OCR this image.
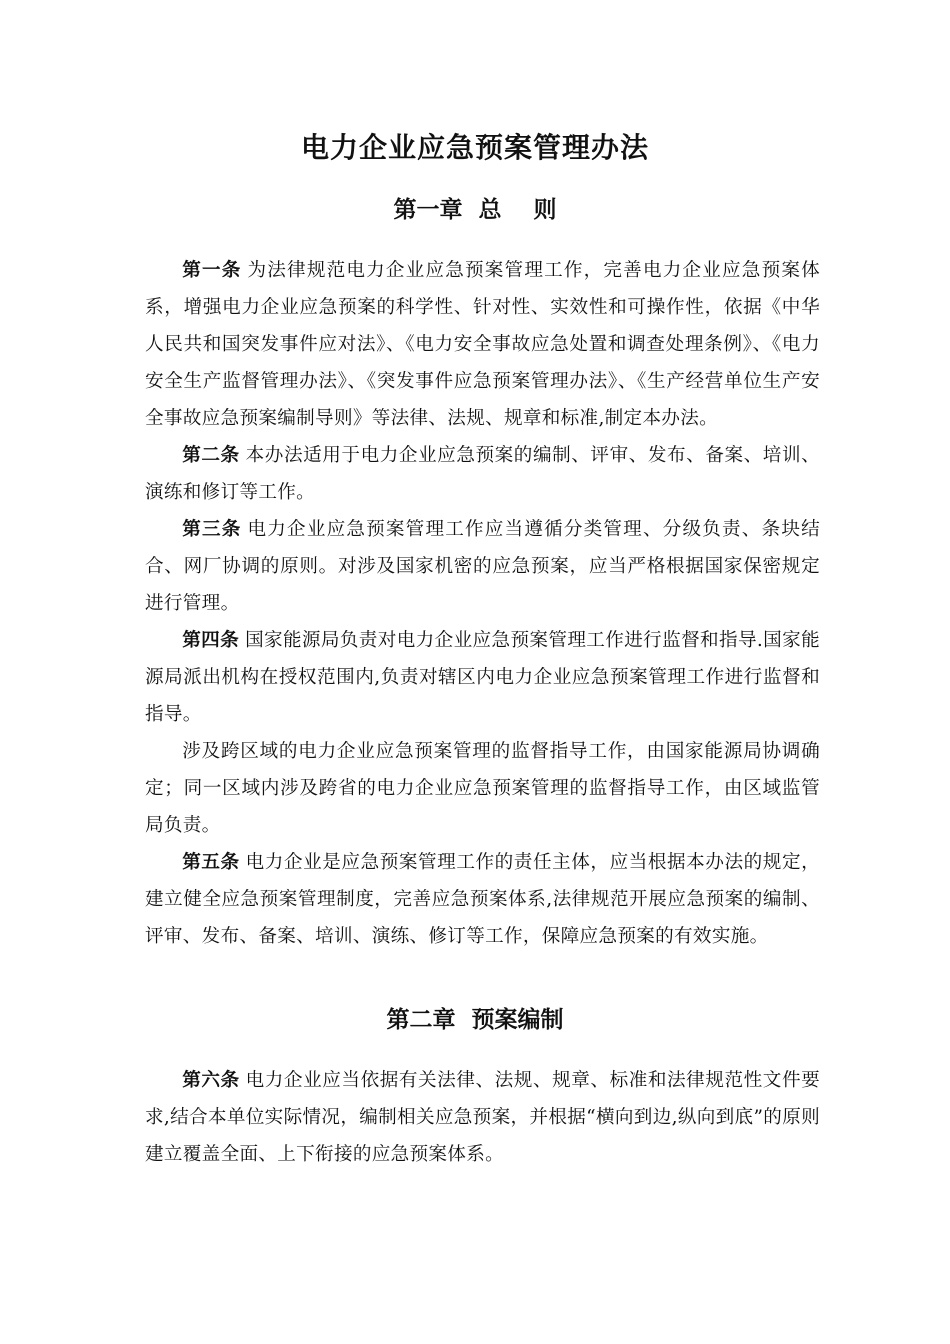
电力企业应急预案管理办法
第一章  总    则

第一条 为法律规范电力企业应急预案管理工作，完善电力企业应急预案体系，增强电力企业应急预案的科学性、针对性、实效性和可操作性，依据《中华人民共和国突发事件应对法》、《电力安全事故应急处置和调查处理条例》、《电力安全生产监督管理办法》、《突发事件应急预案管理办法》、《生产经营单位生产安全事故应急预案编制导则》等法律、法规、规章和标准,制定本办法。

第二条 本办法适用于电力企业应急预案的编制、评审、发布、备案、培训、演练和修订等工作。

第三条 电力企业应急预案管理工作应当遵循分类管理、分级负责、条块结合、网厂协调的原则。对涉及国家机密的应急预案，应当严格根据国家保密规定进行管理。

第四条 国家能源局负责对电力企业应急预案管理工作进行监督和指导.国家能源局派出机构在授权范围内,负责对辖区内电力企业应急预案管理工作进行监督和指导。

涉及跨区域的电力企业应急预案管理的监督指导工作，由国家能源局协调确定；同一区域内涉及跨省的电力企业应急预案管理的监督指导工作，由区域监管局负责。

第五条 电力企业是应急预案管理工作的责任主体，应当根据本办法的规定，建立健全应急预案管理制度，完善应急预案体系,法律规范开展应急预案的编制、评审、发布、备案、培训、演练、修订等工作，保障应急预案的有效实施。

第二章  预案编制

第六条 电力企业应当依据有关法律、法规、规章、标准和法律规范性文件要求,结合本单位实际情况，编制相关应急预案，并根据“横向到边,纵向到底”的原则建立覆盖全面、上下衔接的应急预案体系。
